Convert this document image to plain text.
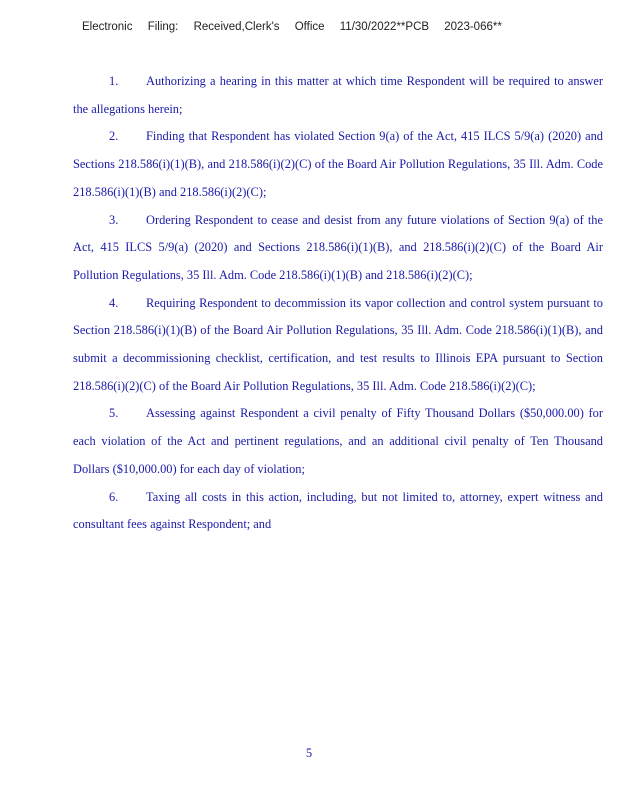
Electronic Filing: Received,Clerk's Office 11/30/2022**PCB 2023-066**

1. Authorizing a hearing in this matter at which time Respondent will be required to answer the allegations herein;

2. Finding that Respondent has violated Section 9(a) of the Act, 415 ILCS 5/9(a) (2020) and Sections 218.586(i)(1)(B), and 218.586(i)(2)(C) of the Board Air Pollution Regulations, 35 Ill. Adm. Code 218.586(i)(1)(B) and 218.586(i)(2)(C);

3. Ordering Respondent to cease and desist from any future violations of Section 9(a) of the Act, 415 ILCS 5/9(a) (2020) and Sections 218.586(i)(1)(B), and 218.586(i)(2)(C) of the Board Air Pollution Regulations, 35 Ill. Adm. Code 218.586(i)(1)(B) and 218.586(i)(2)(C);

4. Requiring Respondent to decommission its vapor collection and control system pursuant to Section 218.586(i)(1)(B) of the Board Air Pollution Regulations, 35 Ill. Adm. Code 218.586(i)(1)(B), and submit a decommissioning checklist, certification, and test results to Illinois EPA pursuant to Section 218.586(i)(2)(C) of the Board Air Pollution Regulations, 35 Ill. Adm. Code 218.586(i)(2)(C);

5. Assessing against Respondent a civil penalty of Fifty Thousand Dollars ($50,000.00) for each violation of the Act and pertinent regulations, and an additional civil penalty of Ten Thousand Dollars ($10,000.00) for each day of violation;

6. Taxing all costs in this action, including, but not limited to, attorney, expert witness and consultant fees against Respondent; and

5
